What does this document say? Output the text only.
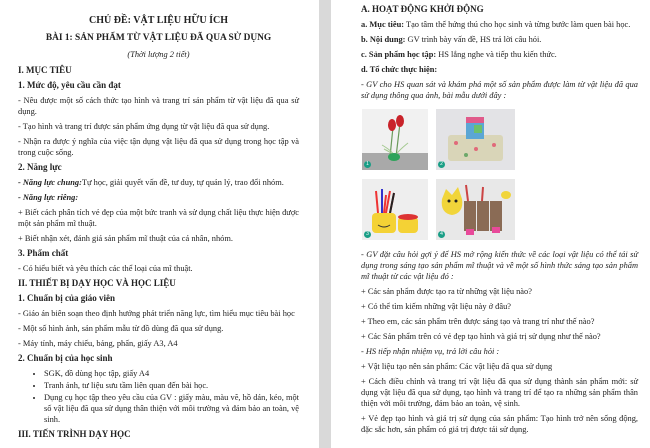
CHỦ ĐỀ: VẬT LIỆU HỮU ÍCH
BÀI 1: SẢN PHẨM TỪ VẬT LIỆU ĐÃ QUA SỬ DỤNG
(Thời lượng 2 tiết)
I. MỤC TIÊU
1. Mức độ, yêu cầu cần đạt

- Nêu được một số cách thức tạo hình và trang trí sản phẩm từ vật liệu đã qua sử dụng.

- Tạo hình và trang trí được sản phẩm ứng dụng từ vật liệu đã qua sử dụng.

- Nhận ra được ý nghĩa của việc tận dụng vật liệu đã qua sử dụng trong học tập và trong cuộc sống.

2. Năng lực

- Năng lực chung:Tự học, giải quyết vấn đề, tư duy, tự quản lý, trao đổi nhóm.

- Năng lực riêng:

+ Biết cách phân tích vẻ đẹp của một bức tranh và sử dụng chất liệu thực hiện được một sản phẩm mĩ thuật.

+ Biết nhận xét, đánh giá sản phẩm mĩ thuật của cá nhân, nhóm.

3. Phẩm chất

- Có hiểu biết và yêu thích các thể loại của mĩ thuật.

II. THIẾT BỊ DẠY HỌC VÀ HỌC LIỆU
1. Chuẩn bị của giáo viên

- Giáo án biên soạn theo định hướng phát triển năng lực, tìm hiểu mục tiêu bài học

- Một số hình ảnh, sản phẩm mẫu từ đồ dùng đã qua sử dụng.

- Máy tính, máy chiếu, bảng, phấn, giấy A3, A4

2. Chuẩn bị của học sinh
• SGK, đồ dùng học tập, giấy A4
• Tranh ảnh, tư liệu sưu tầm liên quan đến bài học.
• Dụng cụ học tập theo yêu cầu của GV : giấy màu, màu vẽ, hồ dán, kéo, một số vật liệu đã qua sử dụng thân thiện với môi trường và đảm bảo an toàn, vệ sinh.
III. TIẾN TRÌNH DẠY HỌC
A. HOẠT ĐỘNG KHỞI ĐỘNG

a. Mục tiêu: Tạo tâm thế hứng thú cho học sinh và từng bước làm quen bài học.

b. Nội dung: GV trình bày vấn đề, HS trả lời câu hỏi.

c. Sản phẩm học tập: HS lắng nghe và tiếp thu kiến thức.

d. Tổ chức thực hiện:

- GV cho HS quan sát và khám phá một số sản phẩm được làm từ vật liệu đã qua sử dụng thông qua ảnh, bài mẫu dưới đây :

1	2
3	4

- GV đặt câu hỏi gợi ý để HS mở rộng kiến thức về các loại vật liệu có thể tái sử dụng trong sáng tạo sản phẩm mĩ thuật và về một số hình thức sáng tạo sản phẩm mĩ thuật từ các vật liệu đó :

+ Các sản phẩm được tạo ra từ những vật liệu nào?

+ Có thể tìm kiếm những vật liệu này ở đâu?

+ Theo em, các sản phẩm trên được sáng tạo và trang trí như thế nào?

+ Các Sản phẩm trên có vẻ đẹp tạo hình và giá trị sử dụng như thế nào?

- HS tiếp nhận nhiệm vụ, trả lời câu hỏi :

+ Vật liệu tạo nên sản phẩm: Các vật liệu đã qua sử dụng

+ Cách điều chỉnh và trang trí vật liệu đã qua sử dụng thành sản phẩm mới: sử dụng vật liệu đã qua sử dụng, tạo hình và trang trí để tạo ra những sản phẩm thân thiện với môi trường, đảm bảo an toàn, vệ sinh.

+ Vẻ đẹp tạo hình và giá trị sử dụng của sản phẩm: Tạo hình trở nên sống động, đặc sắc hơn, sản phẩm có giá trị được tái sử dụng.
